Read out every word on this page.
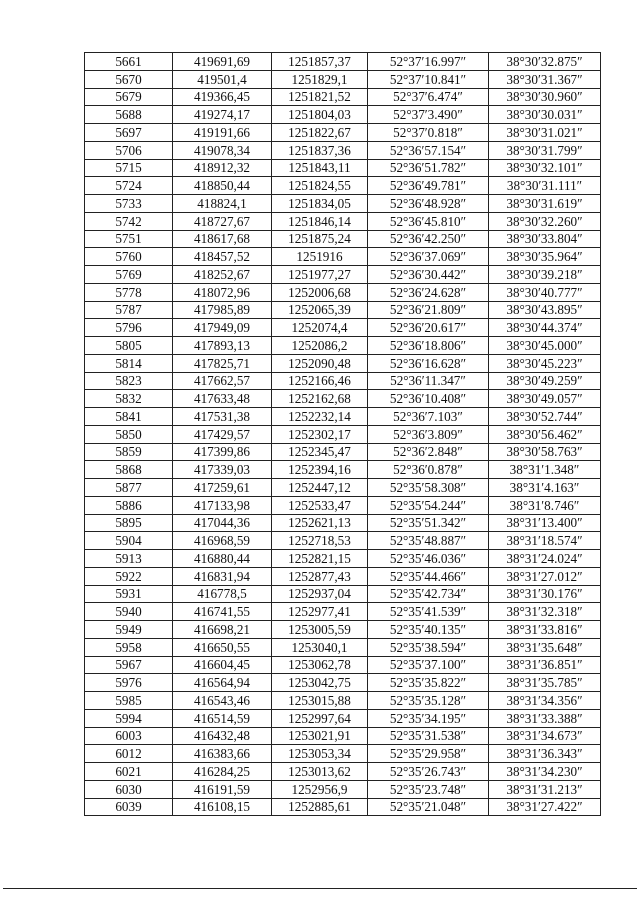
5661	419691,69	1251857,37	52°37′16.997″	38°30′32.875″
5670	419501,4	1251829,1	52°37′10.841″	38°30′31.367″
5679	419366,45	1251821,52	52°37′6.474″	38°30′30.960″
5688	419274,17	1251804,03	52°37′3.490″	38°30′30.031″
5697	419191,66	1251822,67	52°37′0.818″	38°30′31.021″
5706	419078,34	1251837,36	52°36′57.154″	38°30′31.799″
5715	418912,32	1251843,11	52°36′51.782″	38°30′32.101″
5724	418850,44	1251824,55	52°36′49.781″	38°30′31.111″
5733	418824,1	1251834,05	52°36′48.928″	38°30′31.619″
5742	418727,67	1251846,14	52°36′45.810″	38°30′32.260″
5751	418617,68	1251875,24	52°36′42.250″	38°30′33.804″
5760	418457,52	1251916	52°36′37.069″	38°30′35.964″
5769	418252,67	1251977,27	52°36′30.442″	38°30′39.218″
5778	418072,96	1252006,68	52°36′24.628″	38°30′40.777″
5787	417985,89	1252065,39	52°36′21.809″	38°30′43.895″
5796	417949,09	1252074,4	52°36′20.617″	38°30′44.374″
5805	417893,13	1252086,2	52°36′18.806″	38°30′45.000″
5814	417825,71	1252090,48	52°36′16.628″	38°30′45.223″
5823	417662,57	1252166,46	52°36′11.347″	38°30′49.259″
5832	417633,48	1252162,68	52°36′10.408″	38°30′49.057″
5841	417531,38	1252232,14	52°36′7.103″	38°30′52.744″
5850	417429,57	1252302,17	52°36′3.809″	38°30′56.462″
5859	417399,86	1252345,47	52°36′2.848″	38°30′58.763″
5868	417339,03	1252394,16	52°36′0.878″	38°31′1.348″
5877	417259,61	1252447,12	52°35′58.308″	38°31′4.163″
5886	417133,98	1252533,47	52°35′54.244″	38°31′8.746″
5895	417044,36	1252621,13	52°35′51.342″	38°31′13.400″
5904	416968,59	1252718,53	52°35′48.887″	38°31′18.574″
5913	416880,44	1252821,15	52°35′46.036″	38°31′24.024″
5922	416831,94	1252877,43	52°35′44.466″	38°31′27.012″
5931	416778,5	1252937,04	52°35′42.734″	38°31′30.176″
5940	416741,55	1252977,41	52°35′41.539″	38°31′32.318″
5949	416698,21	1253005,59	52°35′40.135″	38°31′33.816″
5958	416650,55	1253040,1	52°35′38.594″	38°31′35.648″
5967	416604,45	1253062,78	52°35′37.100″	38°31′36.851″
5976	416564,94	1253042,75	52°35′35.822″	38°31′35.785″
5985	416543,46	1253015,88	52°35′35.128″	38°31′34.356″
5994	416514,59	1252997,64	52°35′34.195″	38°31′33.388″
6003	416432,48	1253021,91	52°35′31.538″	38°31′34.673″
6012	416383,66	1253053,34	52°35′29.958″	38°31′36.343″
6021	416284,25	1253013,62	52°35′26.743″	38°31′34.230″
6030	416191,59	1252956,9	52°35′23.748″	38°31′31.213″
6039	416108,15	1252885,61	52°35′21.048″	38°31′27.422″
